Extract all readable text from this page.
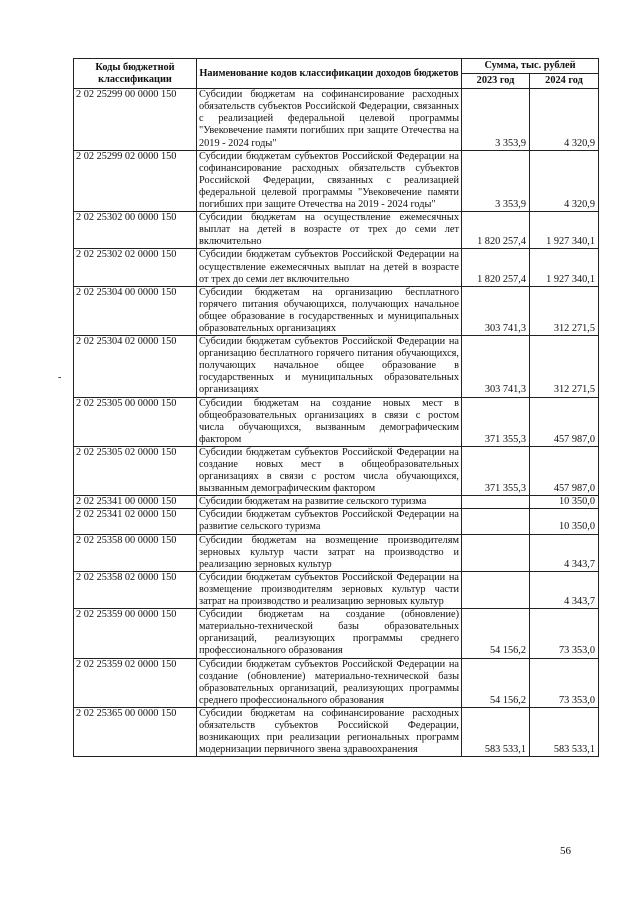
Коды бюджетной классификации	Наименование кодов классификации доходов бюджетов	Сумма, тыс. рублей	
		2023 год	2024 год
2 02 25299 00 0000 150	Субсидии бюджетам на софинансирование расходных обязательств субъектов Российской Федерации, связанных с реализацией федеральной целевой программы "Увековечение памяти погибших при защите Отечества на 2019 - 2024 годы"	3 353,9	4 320,9
2 02 25299 02 0000 150	Субсидии бюджетам субъектов Российской Федерации на софинансирование расходных обязательств субъектов Российской Федерации, связанных с реализацией федеральной целевой программы "Увековечение памяти погибших при защите Отечества на 2019 - 2024 годы"	3 353,9	4 320,9
2 02 25302 00 0000 150	Субсидии бюджетам на осуществление ежемесячных выплат на детей в возрасте от трех до семи лет включительно	1 820 257,4	1 927 340,1
2 02 25302 02 0000 150	Субсидии бюджетам субъектов Российской Федерации на осуществление ежемесячных выплат на детей в возрасте от трех до семи лет включительно	1 820 257,4	1 927 340,1
2 02 25304 00 0000 150	Субсидии бюджетам на организацию бесплатного горячего питания обучающихся, получающих начальное общее образование в государственных и муниципальных образовательных организациях	303 741,3	312 271,5
2 02 25304 02 0000 150	Субсидии бюджетам субъектов Российской Федерации на организацию бесплатного горячего питания обучающихся, получающих начальное общее образование в государственных и муниципальных образовательных организациях	303 741,3	312 271,5
2 02 25305 00 0000 150	Субсидии бюджетам на создание новых мест в общеобразовательных организациях в связи с ростом числа обучающихся, вызванным демографическим фактором	371 355,3	457 987,0
2 02 25305 02 0000 150	Субсидии бюджетам субъектов Российской Федерации на создание новых мест в общеобразовательных организациях в связи с ростом числа обучающихся, вызванным демографическим фактором	371 355,3	457 987,0
2 02 25341 00 0000 150	Субсидии бюджетам на развитие сельского туризма		10 350,0
2 02 25341 02 0000 150	Субсидии бюджетам субъектов Российской Федерации на развитие сельского туризма		10 350,0
2 02 25358 00 0000 150	Субсидии бюджетам на возмещение производителям зерновых культур части затрат на производство и реализацию зерновых культур		4 343,7
2 02 25358 02 0000 150	Субсидии бюджетам субъектов Российской Федерации на возмещение производителям зерновых культур части затрат на производство и реализацию зерновых культур		4 343,7
2 02 25359 00 0000 150	Субсидии бюджетам на создание (обновление) материально-технической базы образовательных организаций, реализующих программы среднего профессионального образования	54 156,2	73 353,0
2 02 25359 02 0000 150	Субсидии бюджетам субъектов Российской Федерации на создание (обновление) материально-технической базы образовательных организаций, реализующих программы среднего профессионального образования	54 156,2	73 353,0
2 02 25365 00 0000 150	Субсидии бюджетам на софинансирование расходных обязательств субъектов Российской Федерации, возникающих при реализации региональных программ модернизации первичного звена здравоохранения	583 533,1	583 533,1
-
56
